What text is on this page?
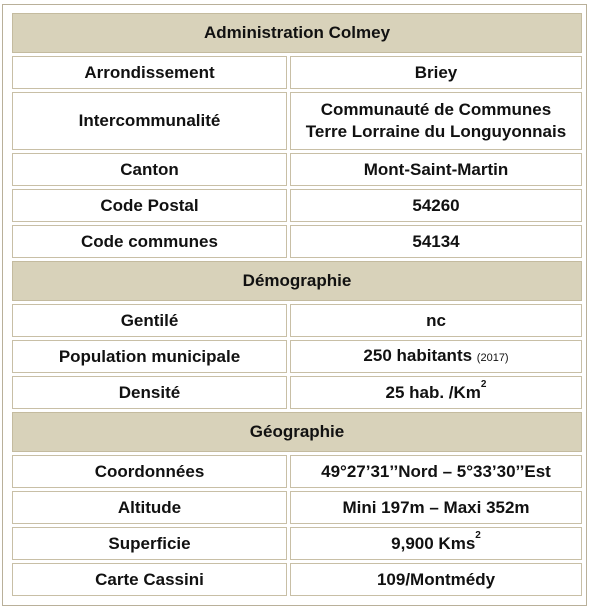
Administration Colmey	
Arrondissement	Briey
Intercommunalité	Communauté de Communes
Terre Lorraine du Longuyonnais

Canton	Mont-Saint-Martin
Code Postal	54260
Code communes	54134
Démographie	
Gentilé	nc
Population municipale	250 habitants (2017)
Densité	25 hab. /Km$^2$
Géographie	
Coordonnées	49°27’31’’Nord – 5°33’30’’Est
Altitude	Mini 197m – Maxi 352m
Superficie	9,900 Kms$^2$
Carte Cassini	109/Montmédy
